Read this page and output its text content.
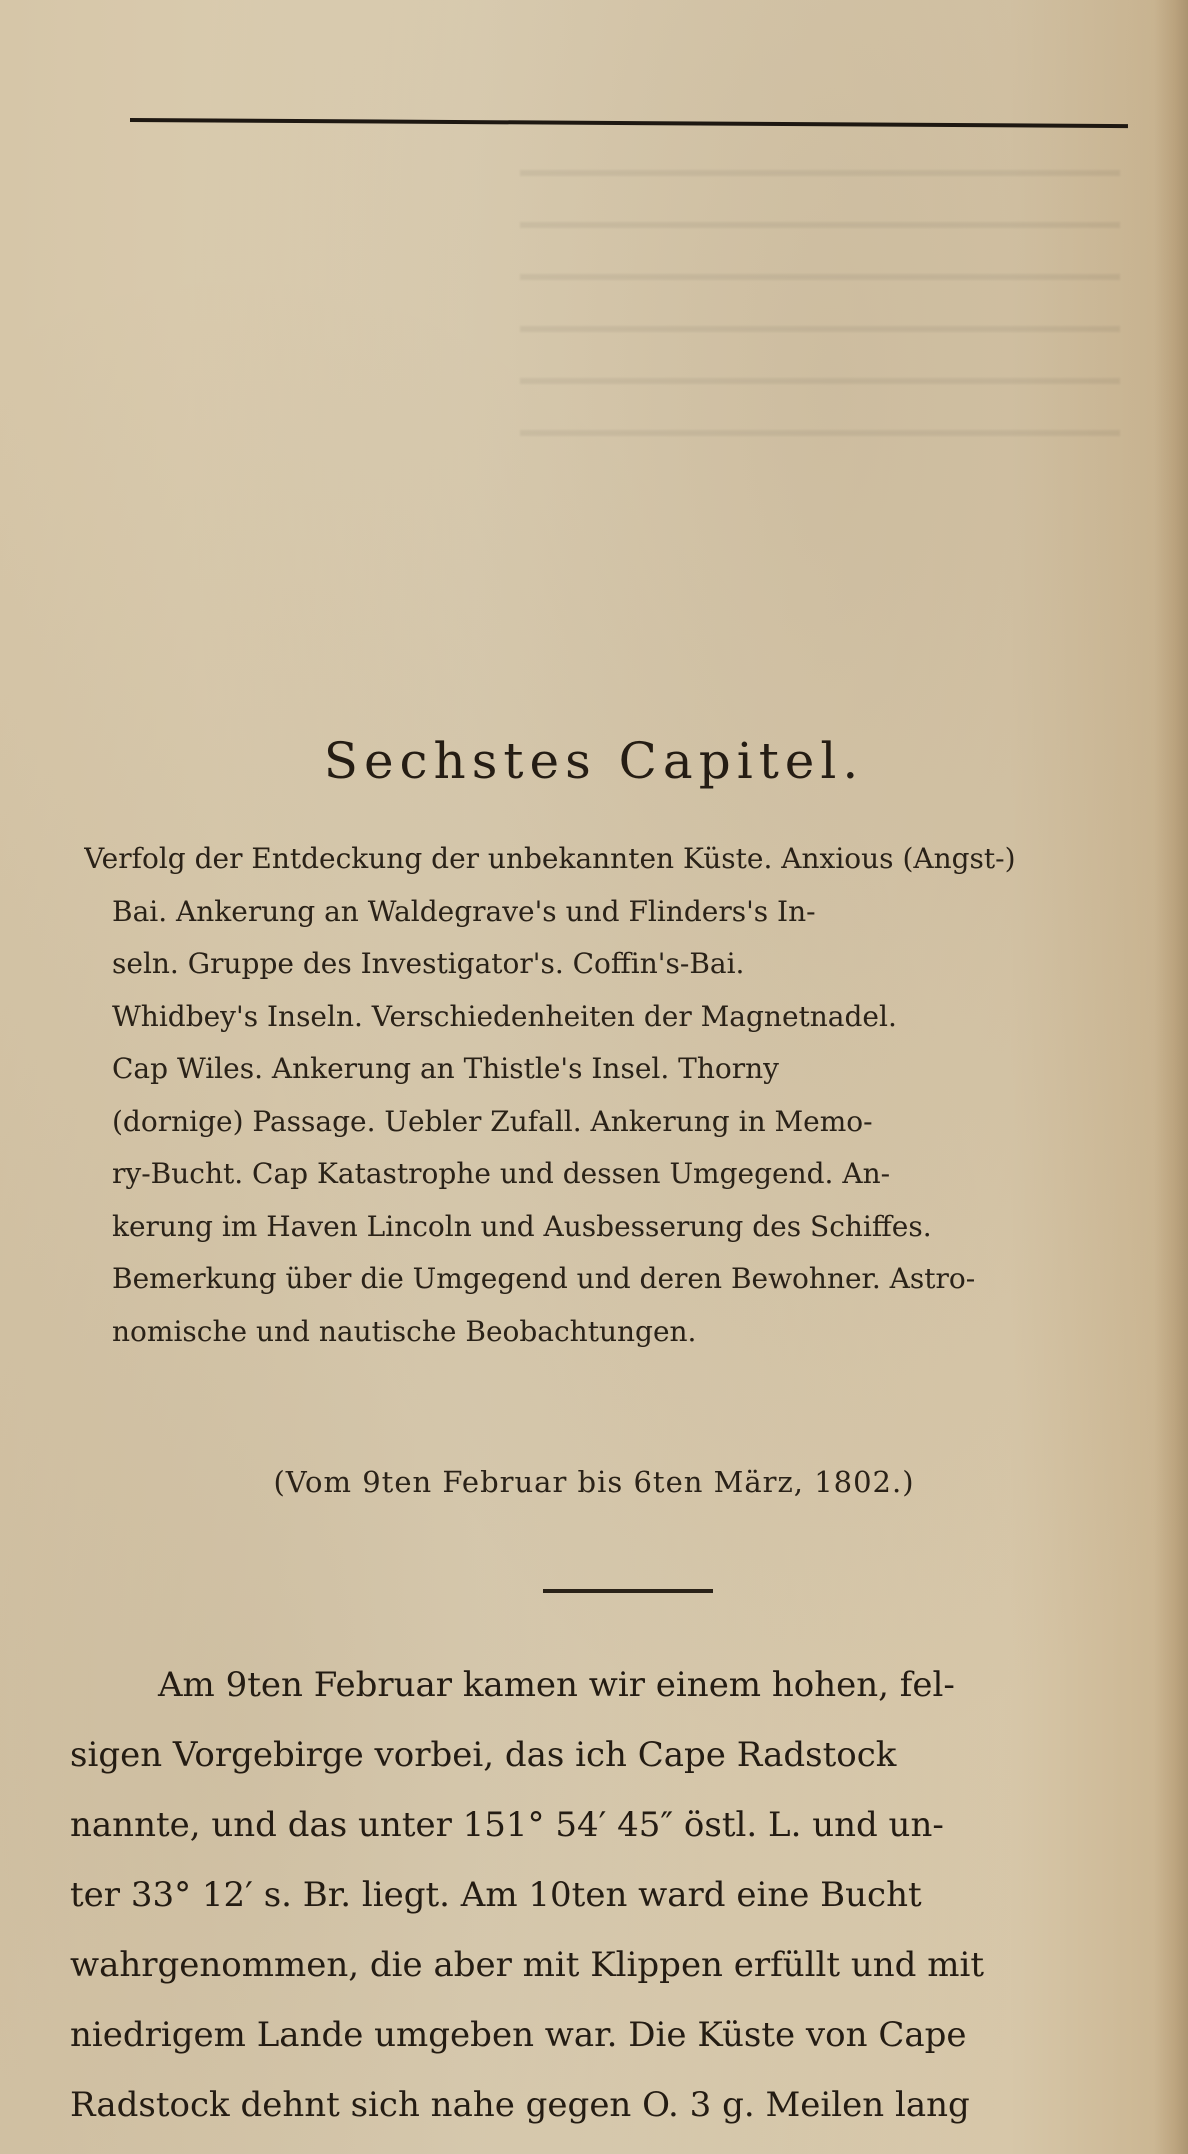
Sechstes Capitel.
Verfolg der Entdeckung der unbekannten Küste. Anxious (Angst-)
Bai. Ankerung an Waldegrave's und Flinders's In-
seln. Gruppe des Investigator's. Coffin's-Bai.
Whidbey's Inseln. Verschiedenheiten der Magnetnadel.
Cap Wiles. Ankerung an Thistle's Insel. Thorny
(dornige) Passage. Uebler Zufall. Ankerung in Memo-
ry-Bucht. Cap Katastrophe und dessen Umgegend. An-
kerung im Haven Lincoln und Ausbesserung des Schiffes.
Bemerkung über die Umgegend und deren Bewohner. Astro-
nomische und nautische Beobachtungen.
(Vom 9ten Februar bis 6ten März, 1802.)
Am 9ten Februar kamen wir einem hohen, fel-
sigen Vorgebirge vorbei, das ich Cape Radstock
nannte, und das unter 151° 54′ 45″ östl. L. und un-
ter 33° 12′ s. Br. liegt. Am 10ten ward eine Bucht
wahrgenommen, die aber mit Klippen erfüllt und mit
niedrigem Lande umgeben war. Die Küste von Cape
Radstock dehnt sich nahe gegen O. 3 g. Meilen lang
